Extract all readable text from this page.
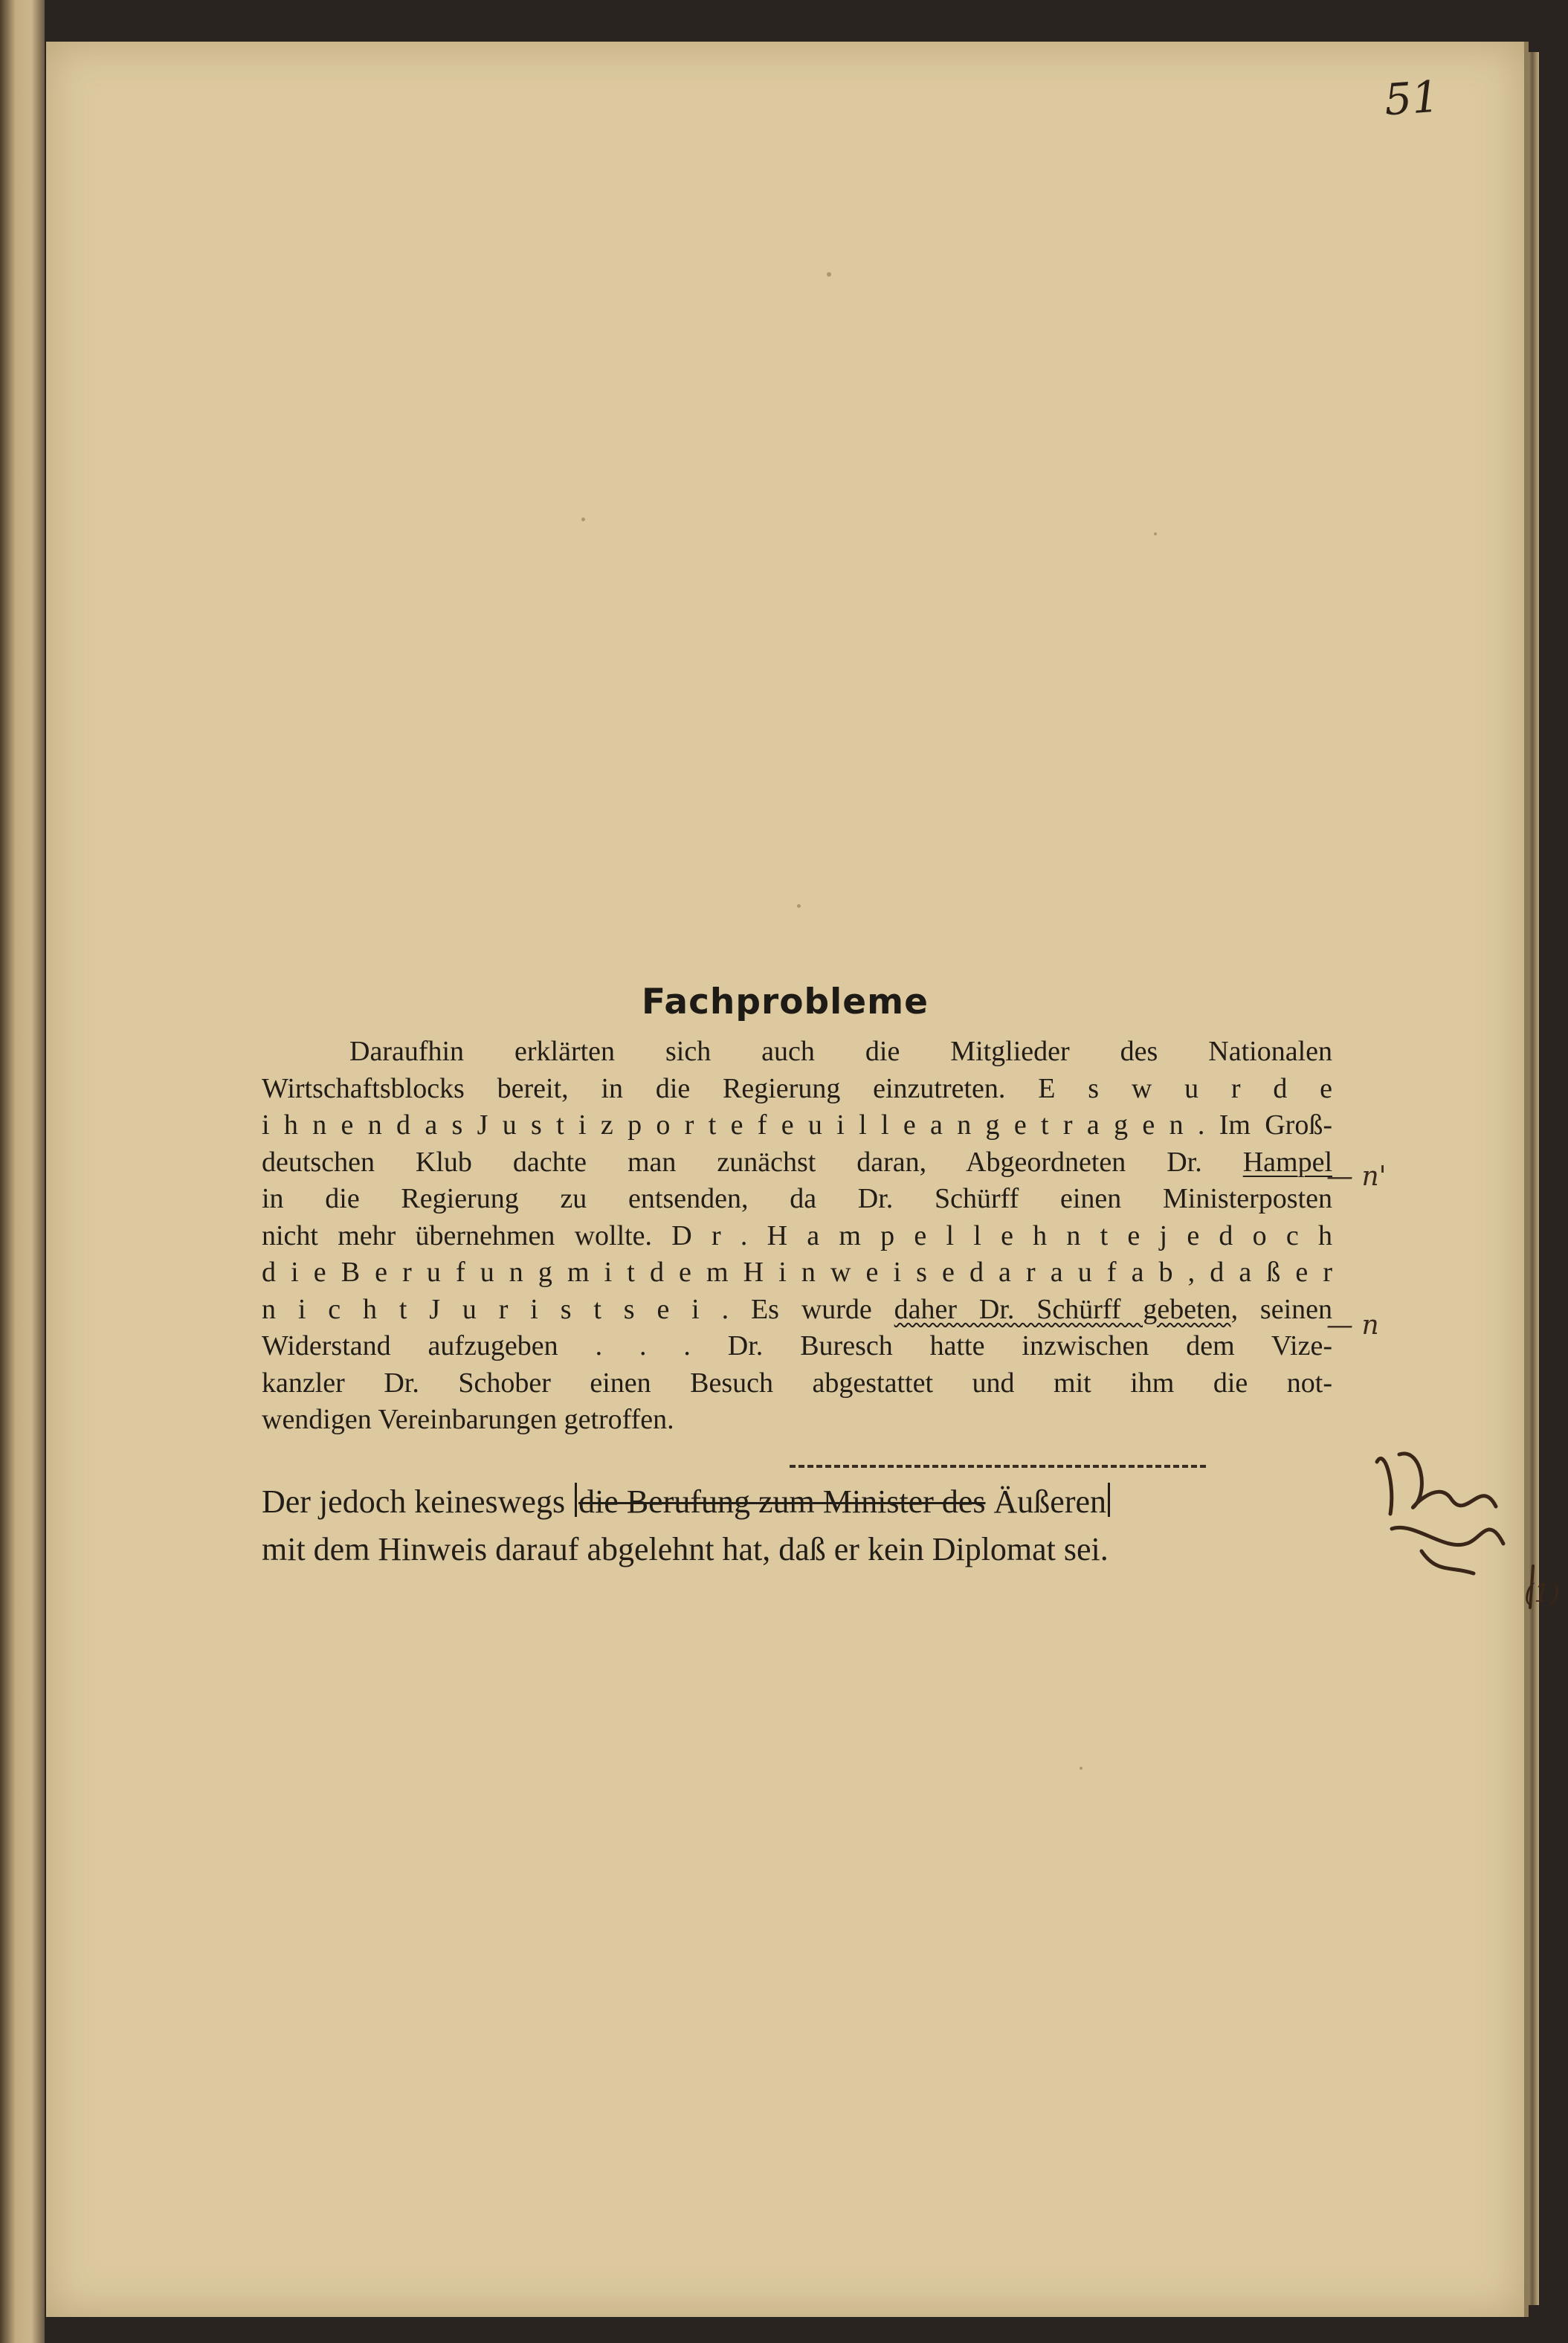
51
Fachprobleme
Daraufhin erklärten sich auch die Mitglieder des Nationalen
Wirtschaftsblocks bereit, in die Regierung einzutreten. E s w u r d e
i h n e n d a s J u s t i z p o r t e f e u i l l e a n g e t r a g e n . Im Groß-
deutschen Klub dachte man zunächst daran, Abgeordneten Dr. Hampel
in die Regierung zu entsenden, da Dr. Schürff einen Ministerposten
nicht mehr übernehmen wollte. D r . H a m p e l l e h n t e j e d o c h
d i e B e r u f u n g m i t d e m H i n w e i s e d a r a u f a b , d a ß e r
n i c h t J u r i s t s e i . Es wurde daher Dr. Schürff gebeten, seinen
Widerstand aufzugeben . . . Dr. Buresch hatte inzwischen dem Vize-
kanzler Dr. Schober einen Besuch abgestattet und mit ihm die not-
wendigen Vereinbarungen getroffen.
Der jedoch keineswegs die Berufung zum Minister des Äußeren
mit dem Hinweis darauf abgelehnt hat, daß er kein Diplomat sei.
— n'
— n
(1)
